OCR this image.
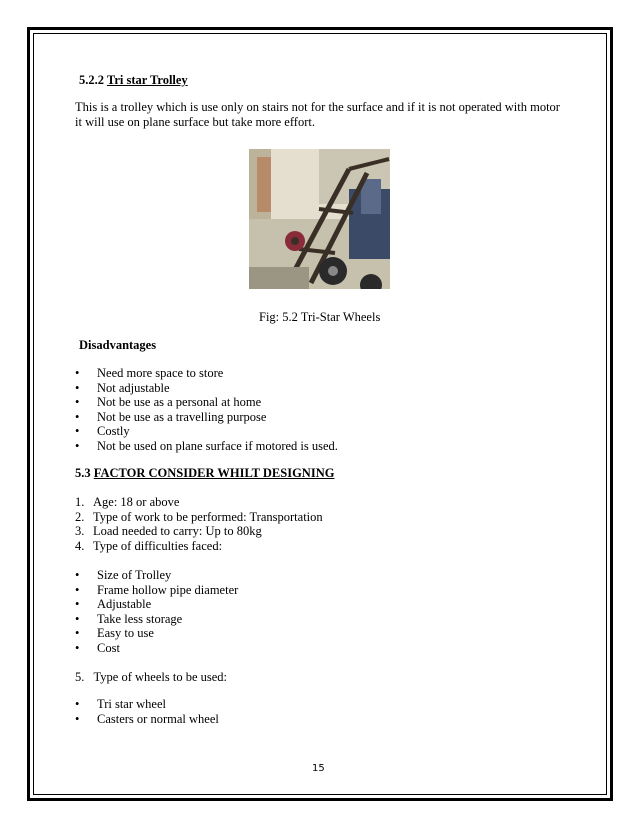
5.2.2 Tri star Trolley
This is a trolley which is use only on stairs not for the surface and if it is not operated with motor it will use on plane surface but take more effort.
Fig: 5.2 Tri-Star Wheels
Disadvantages
• Need more space to store
• Not adjustable
• Not be use as a personal at home
• Not be use as a travelling purpose
• Costly
• Not be used on plane surface if motored is used.
5.3 FACTOR CONSIDER WHILT DESIGNING
1. Age: 18 or above
2. Type of work to be performed: Transportation
3. Load needed to carry: Up to 80kg
4. Type of difficulties faced:
• Size of Trolley
• Frame hollow pipe diameter
• Adjustable
• Take less storage
• Easy to use
• Cost
5. Type of wheels to be used:
• Tri star wheel
• Casters or normal wheel
15
